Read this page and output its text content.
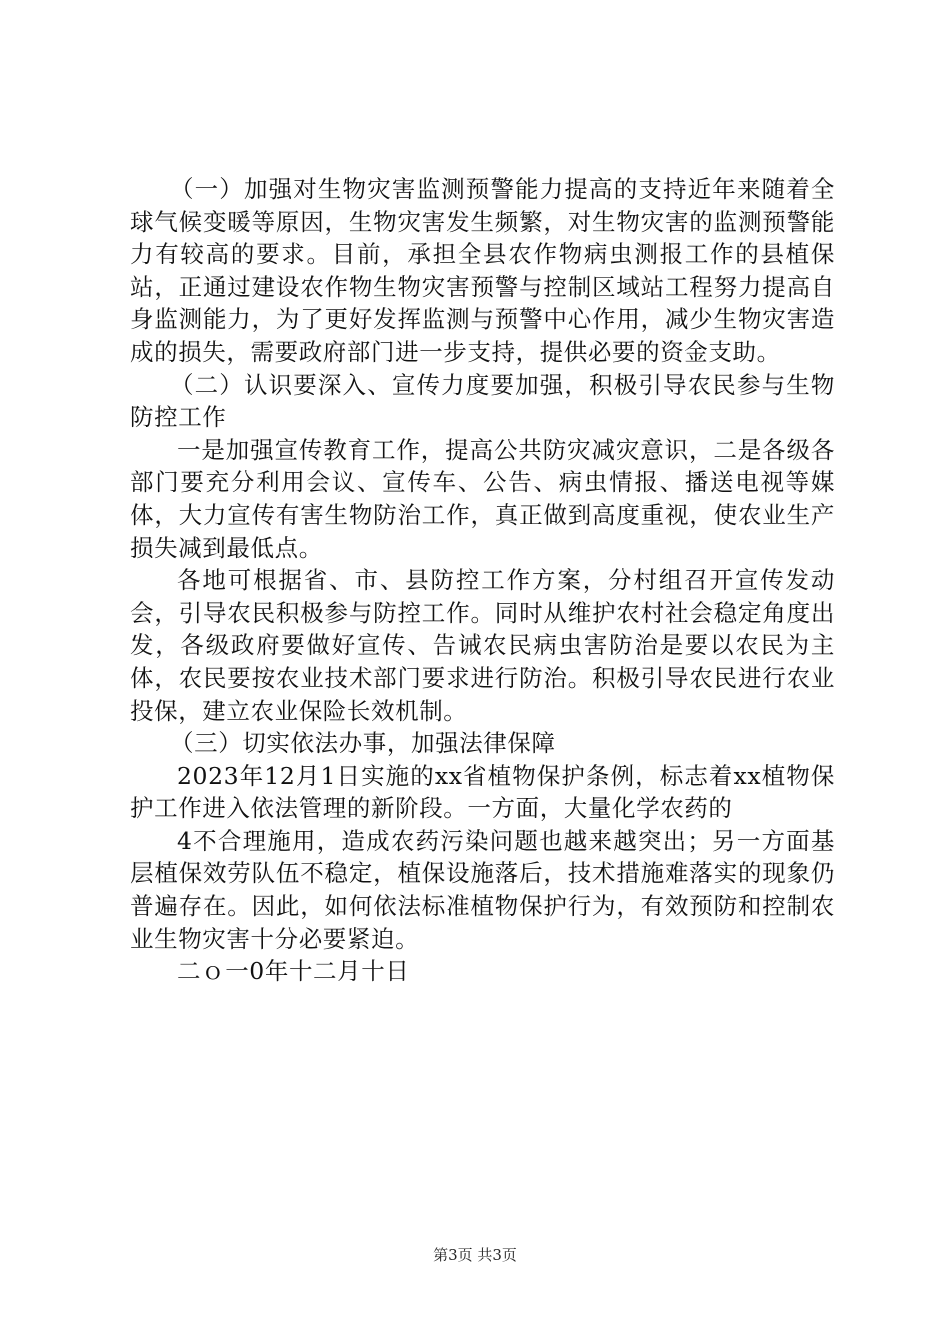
（一）加强对生物灾害监测预警能力提高的支持近年来随着全球气候变暖等原因，生物灾害发生频繁，对生物灾害的监测预警能力有较高的要求。目前，承担全县农作物病虫测报工作的县植保站，正通过建设农作物生物灾害预警与控制区域站工程努力提高自身监测能力，为了更好发挥监测与预警中心作用，减少生物灾害造成的损失，需要政府部门进一步支持，提供必要的资金支助。

（二）认识要深入、宣传力度要加强，积极引导农民参与生物防控工作

一是加强宣传教育工作，提高公共防灾减灾意识，二是各级各部门要充分利用会议、宣传车、公告、病虫情报、播送电视等媒体，大力宣传有害生物防治工作，真正做到高度重视，使农业生产损失减到最低点。

各地可根据省、市、县防控工作方案，分村组召开宣传发动会，引导农民积极参与防控工作。同时从维护农村社会稳定角度出发，各级政府要做好宣传、告诫农民病虫害防治是要以农民为主体，农民要按农业技术部门要求进行防治。积极引导农民进行农业投保，建立农业保险长效机制。

（三）切实依法办事，加强法律保障

2023年12月1日实施的xx省植物保护条例，标志着xx植物保护工作进入依法管理的新阶段。一方面，大量化学农药的

4不合理施用，造成农药污染问题也越来越突出；另一方面基层植保效劳队伍不稳定，植保设施落后，技术措施难落实的现象仍普遍存在。因此，如何依法标准植物保护行为，有效预防和控制农业生物灾害十分必要紧迫。

二ｏ一0年十二月十日

第3页 共3页
